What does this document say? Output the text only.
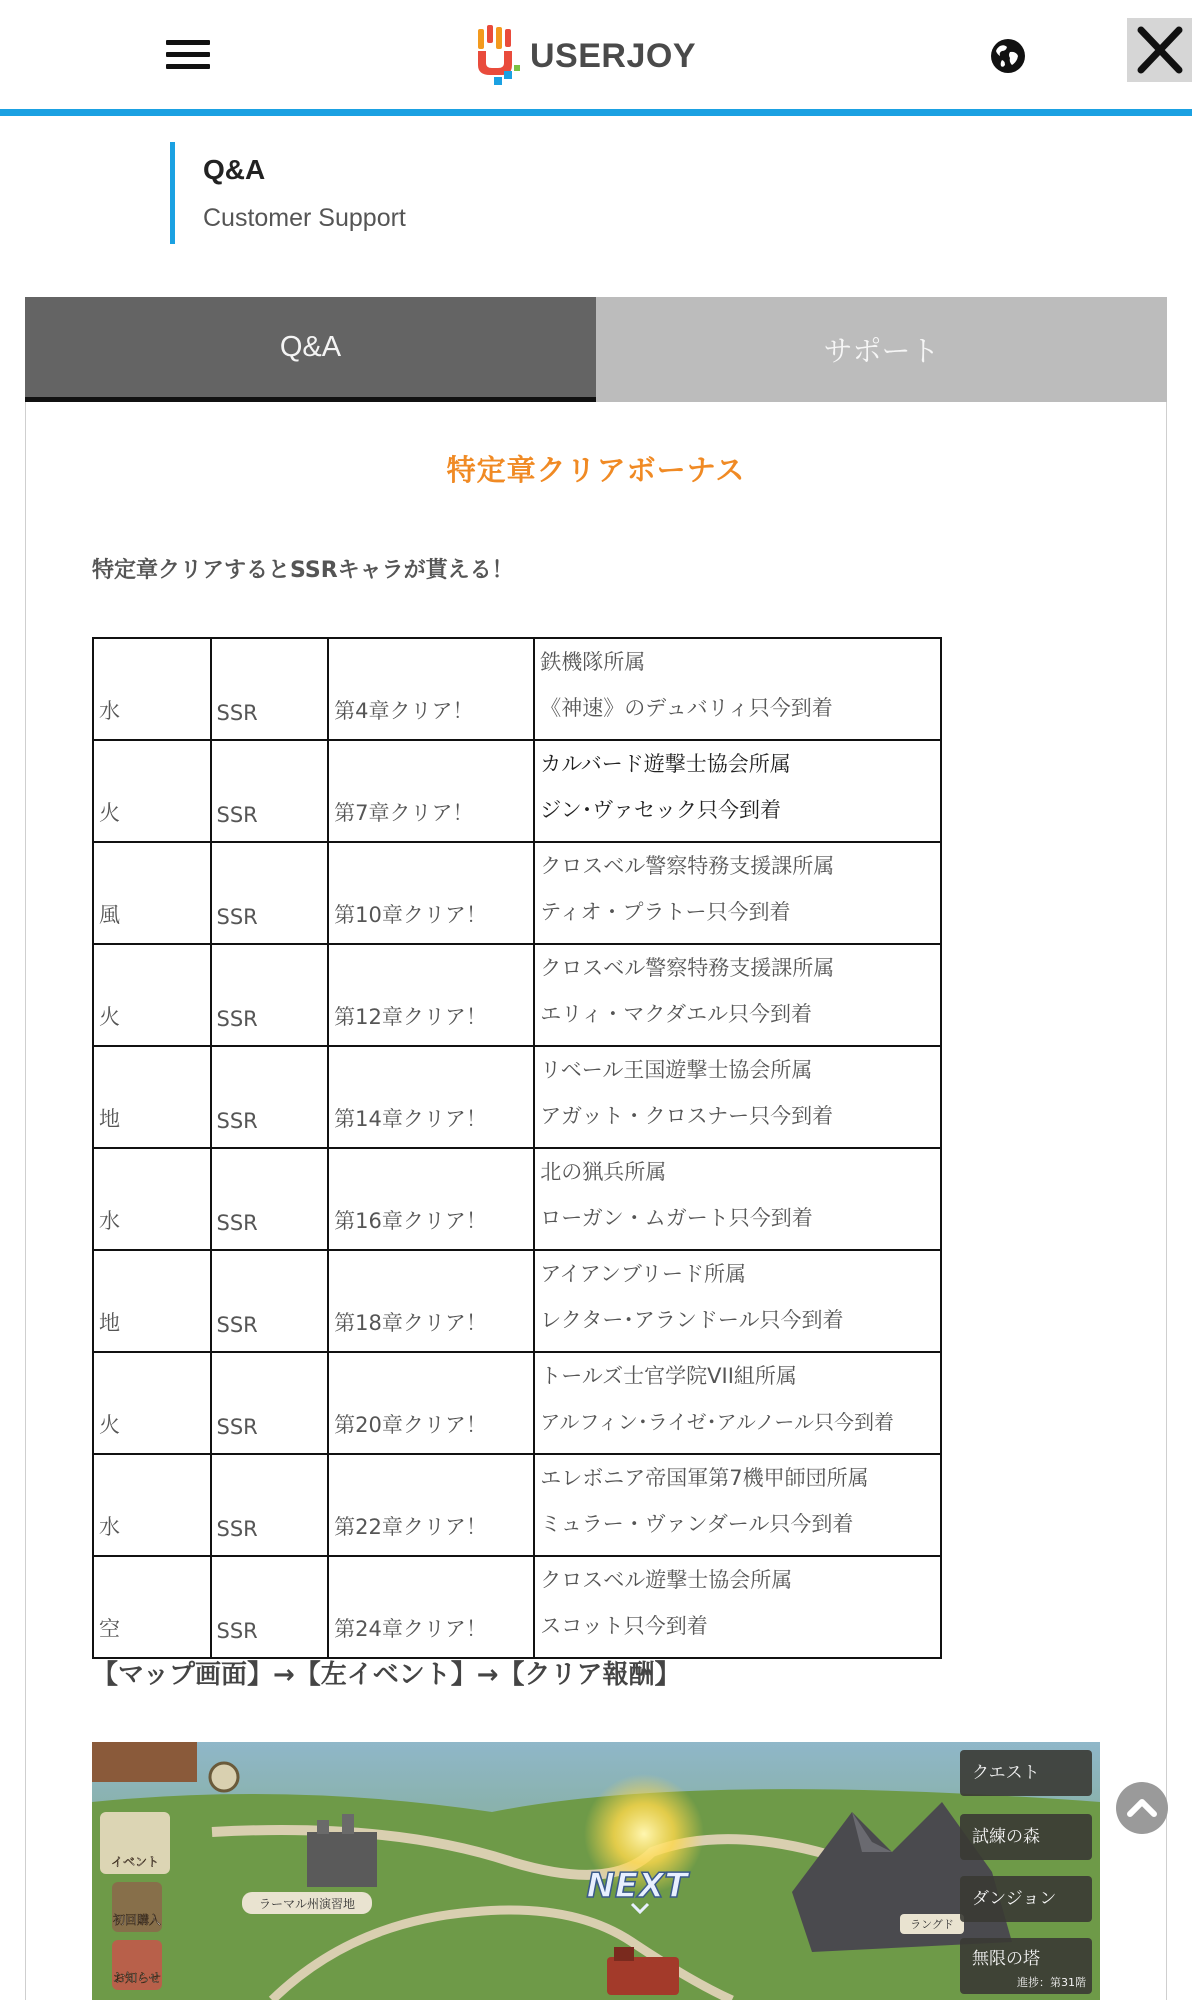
USERJOY
Q&A
Customer Support
Q&A	サポート
特定章クリアボーナス
特定章クリアするとSSRキャラが貰える！
水	SSR	第4章クリア！	鉄機隊所属
《神速》のデュバリィ只今到着

火	SSR	第7章クリア！	カルバード遊撃士協会所属
ジン･ヴァセック只今到着

風	SSR	第10章クリア！	クロスベル警察特務支援課所属
ティオ・プラトー只今到着

火	SSR	第12章クリア！	クロスベル警察特務支援課所属
エリィ・マクダエル只今到着

地	SSR	第14章クリア！	リベール王国遊撃士協会所属
アガット・クロスナー只今到着

水	SSR	第16章クリア！	北の猟兵所属
ローガン・ムガート只今到着

地	SSR	第18章クリア！	アイアンブリード所属
レクター･アランドール只今到着

火	SSR	第20章クリア！	トールズ士官学院VII組所属
アルフィン･ライゼ･アルノール只今到着

水	SSR	第22章クリア！	エレボニア帝国軍第7機甲師団所属
ミュラー・ヴァンダール只今到着

空	SSR	第24章クリア！	クロスベル遊撃士協会所属
スコット只今到着
【マップ画面】→【左イベント】→【クリア報酬】
ラーマル州演習地	NEXT
イベント
初回購入
お知らせ
クエスト
試練の森
ラングド
ダンジョン
無限の塔
進捗：第31階
